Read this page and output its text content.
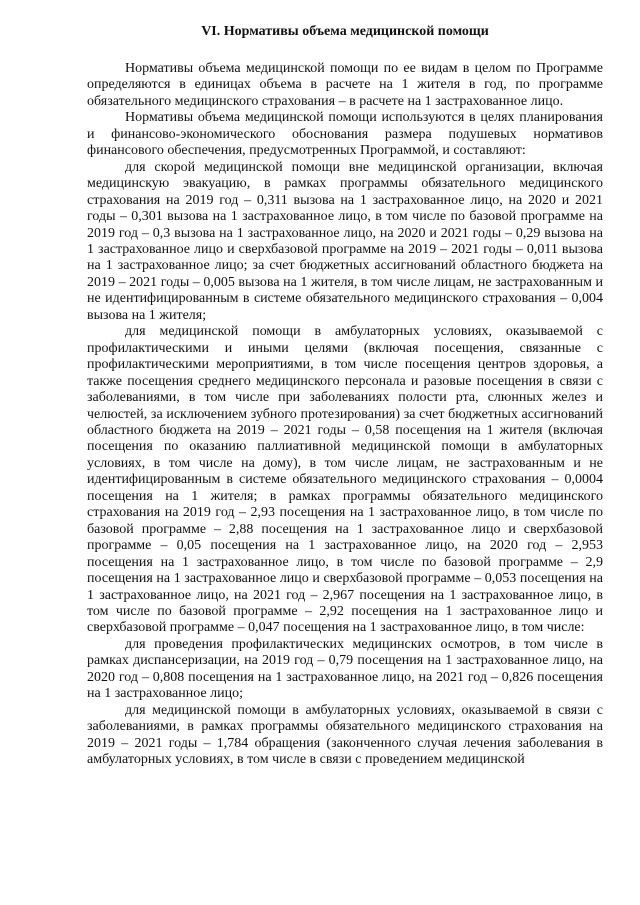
VI. Нормативы объема медицинской помощи

Нормативы объема медицинской помощи по ее видам в целом по Программе определяются в единицах объема в расчете на 1 жителя в год, по программе обязательного медицинского страхования – в расчете на 1 застрахованное лицо.

Нормативы объема медицинской помощи используются в целях планирования и финансово-экономического обоснования размера подушевых нормативов финансового обеспечения, предусмотренных Программой, и составляют:

для скорой медицинской помощи вне медицинской организации, включая медицинскую эвакуацию, в рамках программы обязательного медицинского страхования на 2019 год – 0,311 вызова на 1 застрахованное лицо, на 2020 и 2021 годы – 0,301 вызова на 1 застрахованное лицо, в том числе по базовой программе на 2019 год – 0,3 вызова на 1 застрахованное лицо, на 2020 и 2021 годы – 0,29 вызова на 1 застрахованное лицо и сверхбазовой программе на 2019 – 2021 годы – 0,011 вызова на 1 застрахованное лицо; за счет бюджетных ассигнований областного бюджета на 2019 – 2021 годы – 0,005 вызова на 1 жителя, в том числе лицам, не застрахованным и не идентифицированным в системе обязательного медицинского страхования – 0,004 вызова на 1 жителя;

для медицинской помощи в амбулаторных условиях, оказываемой с профилактическими и иными целями (включая посещения, связанные с профилактическими мероприятиями, в том числе посещения центров здоровья, а также посещения среднего медицинского персонала и разовые посещения в связи с заболеваниями, в том числе при заболеваниях полости рта, слюнных желез и челюстей, за исключением зубного протезирования) за счет бюджетных ассигнований областного бюджета на 2019 – 2021 годы – 0,58 посещения на 1 жителя (включая посещения по оказанию паллиативной медицинской помощи в амбулаторных условиях, в том числе на дому), в том числе лицам, не застрахованным и не идентифицированным в системе обязательного медицинского страхования – 0,0004 посещения на 1 жителя; в рамках программы обязательного медицинского страхования на 2019 год – 2,93 посещения на 1 застрахованное лицо, в том числе по базовой программе – 2,88 посещения на 1 застрахованное лицо и сверхбазовой программе – 0,05 посещения на 1 застрахованное лицо, на 2020 год – 2,953 посещения на 1 застрахованное лицо, в том числе по базовой программе – 2,9 посещения на 1 застрахованное лицо и сверхбазовой программе – 0,053 посещения на 1 застрахованное лицо, на 2021 год – 2,967 посещения на 1 застрахованное лицо, в том числе по базовой программе – 2,92 посещения на 1 застрахованное лицо и сверхбазовой программе – 0,047 посещения на 1 застрахованное лицо, в том числе:

для проведения профилактических медицинских осмотров, в том числе в рамках диспансеризации, на 2019 год – 0,79 посещения на 1 застрахованное лицо, на 2020 год – 0,808 посещения на 1 застрахованное лицо, на 2021 год – 0,826 посещения на 1 застрахованное лицо;

для медицинской помощи в амбулаторных условиях, оказываемой в связи с заболеваниями, в рамках программы обязательного медицинского страхования на 2019 – 2021 годы – 1,784 обращения (законченного случая лечения заболевания в амбулаторных условиях, в том числе в связи с проведением медицинской
